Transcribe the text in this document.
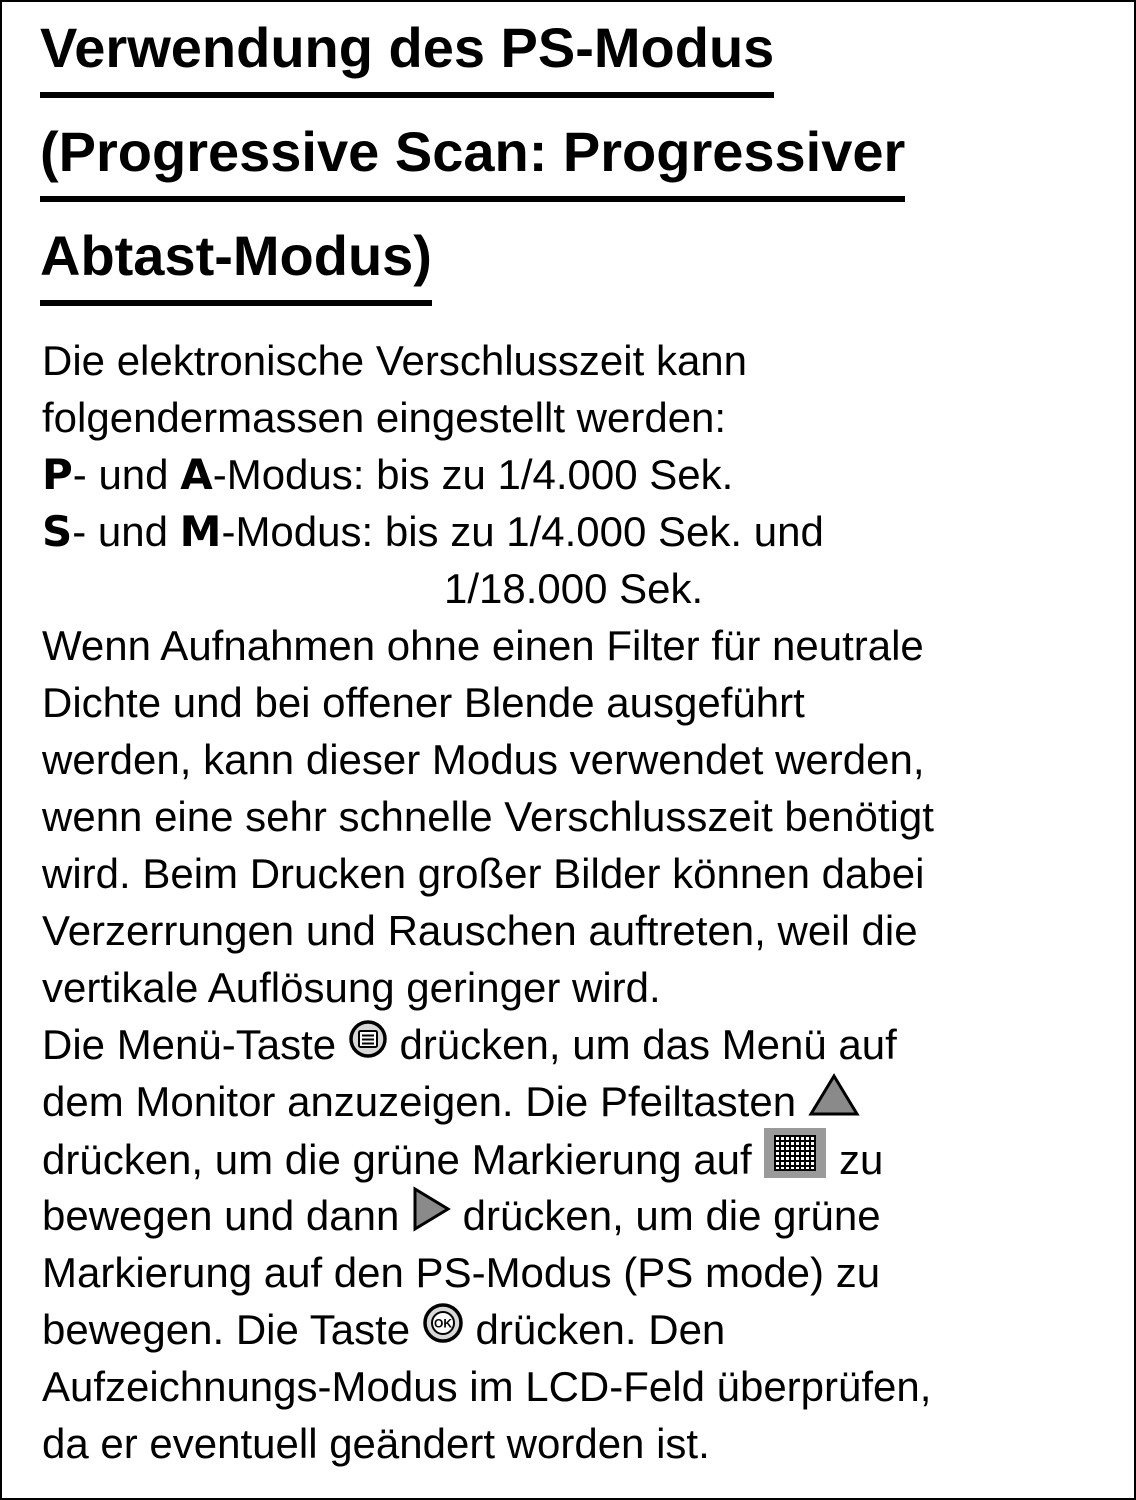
Verwendung des PS-Modus
(Progressive Scan: Progressiver
Abtast-Modus)
Die elektronische Verschlusszeit kann
folgendermassen eingestellt werden:
P- und A-Modus: bis zu 1/4.000 Sek.
S- und M-Modus: bis zu 1/4.000 Sek. und
1/18.000 Sek.
Wenn Aufnahmen ohne einen Filter für neutrale
Dichte und bei offener Blende ausgeführt
werden, kann dieser Modus verwendet werden,
wenn eine sehr schnelle Verschlusszeit benötigt
wird. Beim Drucken großer Bilder können dabei
Verzerrungen und Rauschen auftreten, weil die
vertikale Auflösung geringer wird.
Die Menü-Taste  drücken, um das Menü auf
dem Monitor anzuzeigen. Die Pfeiltasten
drücken, um die grüne Markierung auf  zu
bewegen und dann  drücken, um die grüne
Markierung auf den PS-Modus (PS mode) zu
bewegen. Die Taste OK drücken. Den
Aufzeichnungs-Modus im LCD-Feld überprüfen,
da er eventuell geändert worden ist.
